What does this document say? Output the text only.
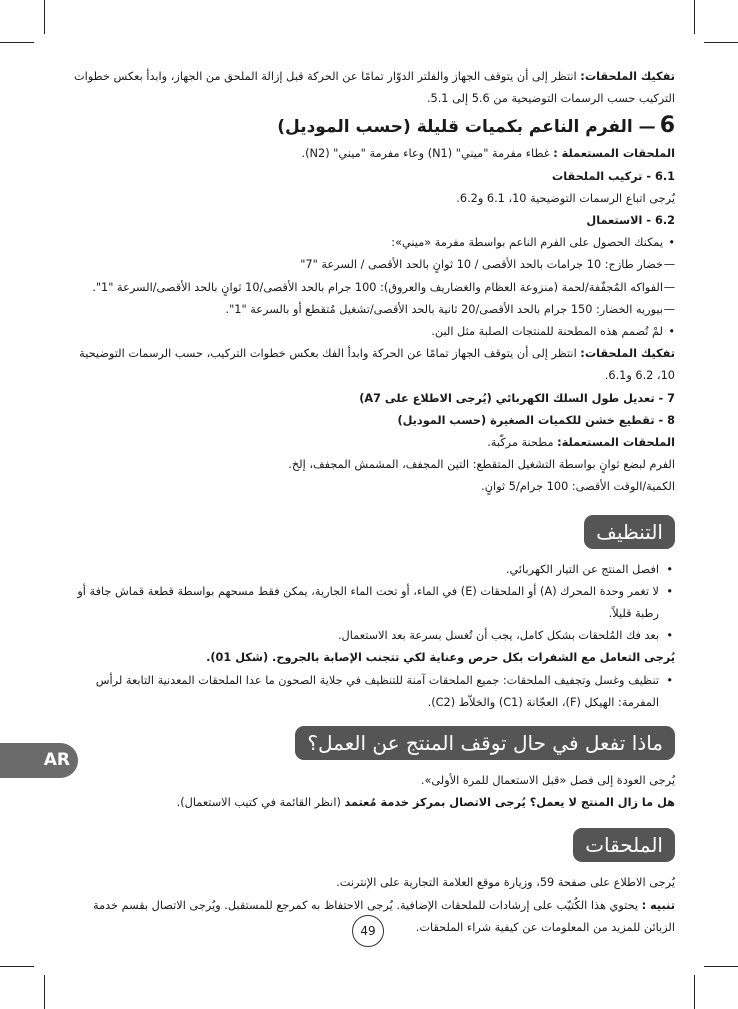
تفكيك الملحقات: انتظر إلى أن يتوقف الجهاز والفلتر الدوّار تمامًا عن الحركة قبل إزالة الملحق من الجهاز، وابدأ بعكس خطوات

التركيب حسب الرسمات التوضيحية من 5.6 إلى 5.1.

6— الفرم الناعم بكميات قليلة (حسب الموديل)

الملحقات المستعملة : غطاء مفرمة "ميني" (N1) وعاء مفرمة "ميني" (N2).

6.1 - تركيب الملحقات

يُرجى اتباع الرسمات التوضيحية 10، 6.1 و6.2.

6.2 - الاستعمال

• يمكنك الحصول على الفرم الناعم بواسطة مفرمة «ميني»:

— خضار طازج: 10 جرامات بالحد الأقصى / 10 ثوانٍ بالحد الأقصى / السرعة "7"

— الفواكه المُجفّفة/لحمة (منزوعة العظام والغضاريف والعروق): 100 جرام بالحد الأقصى/10 ثوانٍ بالحد الأقصى/السرعة "1".

— بيوريه الخضار: 150 جرام بالحد الأقصى/20 ثانية بالحد الأقصى/تشغيل مُتقطع أو بالسرعة "1".

• لمْ تُصمم هذه المطحنة للمنتجات الصلبة مثل البن.

تفكيك الملحقات: انتظر إلى أن يتوقف الجهاز تمامًا عن الحركة وابدأ الفك بعكس خطوات التركيب، حسب الرسمات التوضيحية

10، 6.2 و6.1.

7 - تعديل طول السلك الكهربائي (يُرجى الاطلاع على A7)

8 - تقطيع خشن للكميات الصغيرة (حسب الموديل)

الملحقات المستعملة: مطحنة مركّبة.

الفرم لبضع ثوانٍ بواسطة التشغيل المتقطع: التين المجفف، المشمش المجفف، إلخ.

الكمية/الوقت الأقصى: 100 جرام/5 ثوانٍ.

التنظيف
• افصل المنتج عن التيار الكهربائي.
• لا تغمر وحدة المحرك (A) أو الملحقات (E) في الماء، أو تحت الماء الجارية، يمكن فقط مسحهم بواسطة قطعة قماش جافة أو رطبة قليلاً.
• بعد فك المُلحقات بشكل كامل، يجب أن تُغسل بسرعة بعد الاستعمال.

يُرجى التعامل مع الشفرات بكل حرص وعناية لكي تتجنب الإصابة بالجروح. (شكل 01).

• تنظيف وغسل وتجفيف الملحقات: جميع الملحقات آمنة للتنظيف في جلاية الصحون ما عدا الملحقات المعدنية التابعة لرأس المفرمة: الهيكل (F)، العجّانة (C1) والخلاّط (C2).
ماذا تفعل في حال توقف المنتج عن العمل؟

يُرجى العودة إلى فصل «قبل الاستعمال للمرة الأولى».

هل ما زال المنتج لا يعمل؟ يُرجى الاتصال بمركز خدمة مُعتمد (انظر القائمة في كتيب الاستعمال).

الملحقات

يُرجى الاطلاع على صفحة 59، وزيارة موقع العلامة التجارية على الإنترنت.

تنبيه : يحتوي هذا الكُتيّب على إرشادات للملحقات الإضافية. يُرجى الاحتفاظ به كمرجع للمستقبل. ويُرجى الاتصال بقسم خدمة الزبائن للمزيد من المعلومات عن كيفية شراء الملحقات.

AR
49
